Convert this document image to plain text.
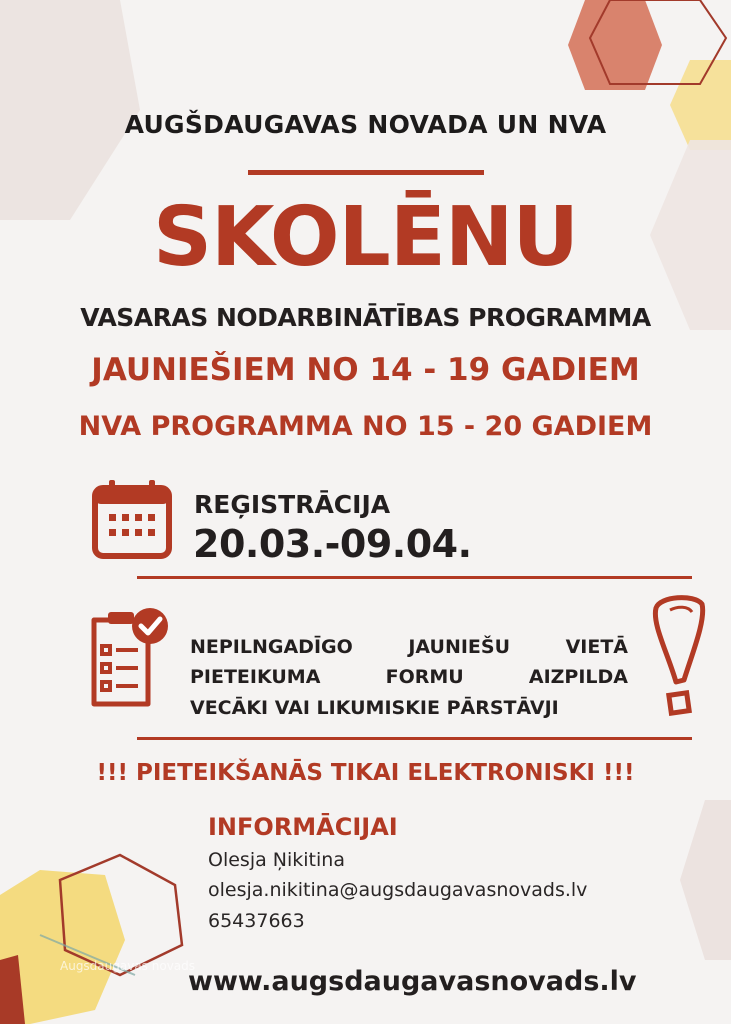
Augsdaugavas novads
AUGŠDAUGAVAS NOVADA UN NVA
SKOLĒNU
VASARAS NODARBINĀTĪBAS PROGRAMMA
JAUNIEŠIEM NO 14 - 19 GADIEM
NVA PROGRAMMA NO 15 - 20 GADIEM
REĢISTRĀCIJA
20.03.-09.04.
NEPILNGADĪGO JAUNIEŠU VIETĀ
PIETEIKUMA FORMU AIZPILDA
VECĀKI VAI LIKUMISKIE PĀRSTĀVJI
!!! PIETEIKŠANĀS TIKAI ELEKTRONISKI !!!
INFORMĀCIJAI
Olesja Ņikitina
olesja.nikitina@augsdaugavasnovads.lv
65437663
www.augsdaugavasnovads.lv
